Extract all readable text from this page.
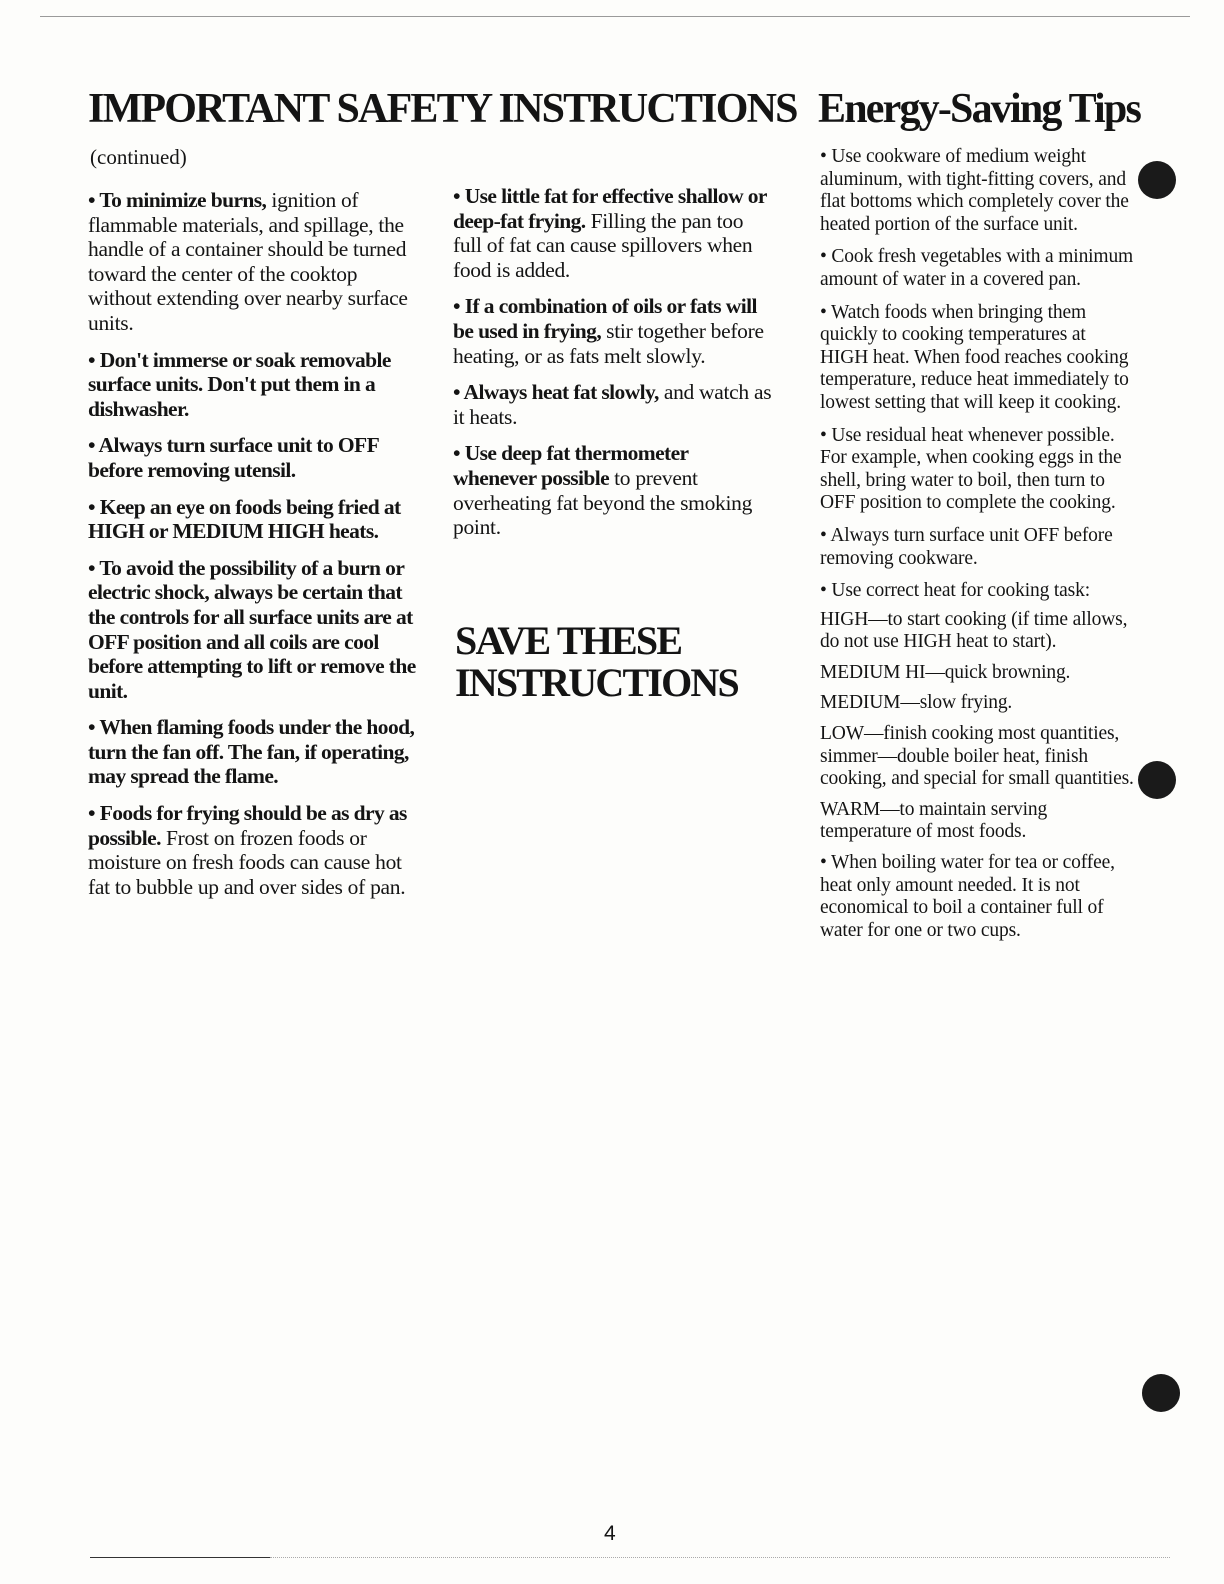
IMPORTANT SAFETY INSTRUCTIONS Energy-Saving Tips
(continued)

• To minimize burns, ignition of flammable materials, and spillage, the handle of a container should be turned toward the center of the cooktop without extending over nearby surface units.

• Don't immerse or soak removable surface units. Don't put them in a dishwasher.

• Always turn surface unit to OFF before removing utensil.

• Keep an eye on foods being fried at HIGH or MEDIUM HIGH heats.

• To avoid the possibility of a burn or electric shock, always be certain that the controls for all surface units are at OFF position and all coils are cool before attempting to lift or remove the unit.

• When flaming foods under the hood, turn the fan off. The fan, if operating, may spread the flame.

• Foods for frying should be as dry as possible. Frost on frozen foods or moisture on fresh foods can cause hot fat to bubble up and over sides of pan.

• Use little fat for effective shallow or deep-fat frying. Filling the pan too full of fat can cause spillovers when food is added.

• If a combination of oils or fats will be used in frying, stir together before heating, or as fats melt slowly.

• Always heat fat slowly, and watch as it heats.

• Use deep fat thermometer whenever possible to prevent overheating fat beyond the smoking point.

SAVE THESE
INSTRUCTIONS

• Use cookware of medium weight aluminum, with tight-fitting covers, and flat bottoms which completely cover the heated portion of the surface unit.

• Cook fresh vegetables with a minimum amount of water in a covered pan.

• Watch foods when bringing them quickly to cooking temperatures at HIGH heat. When food reaches cooking temperature, reduce heat immediately to lowest setting that will keep it cooking.

• Use residual heat whenever possible. For example, when cooking eggs in the shell, bring water to boil, then turn to OFF position to complete the cooking.

• Always turn surface unit OFF before removing cookware.

• Use correct heat for cooking task:

HIGH—to start cooking (if time allows, do not use HIGH heat to start).

MEDIUM HI—quick browning.

MEDIUM—slow frying.

LOW—finish cooking most quantities, simmer—double boiler heat, finish cooking, and special for small quantities.

WARM—to maintain serving temperature of most foods.

• When boiling water for tea or coffee, heat only amount needed. It is not economical to boil a container full of water for one or two cups.

4
